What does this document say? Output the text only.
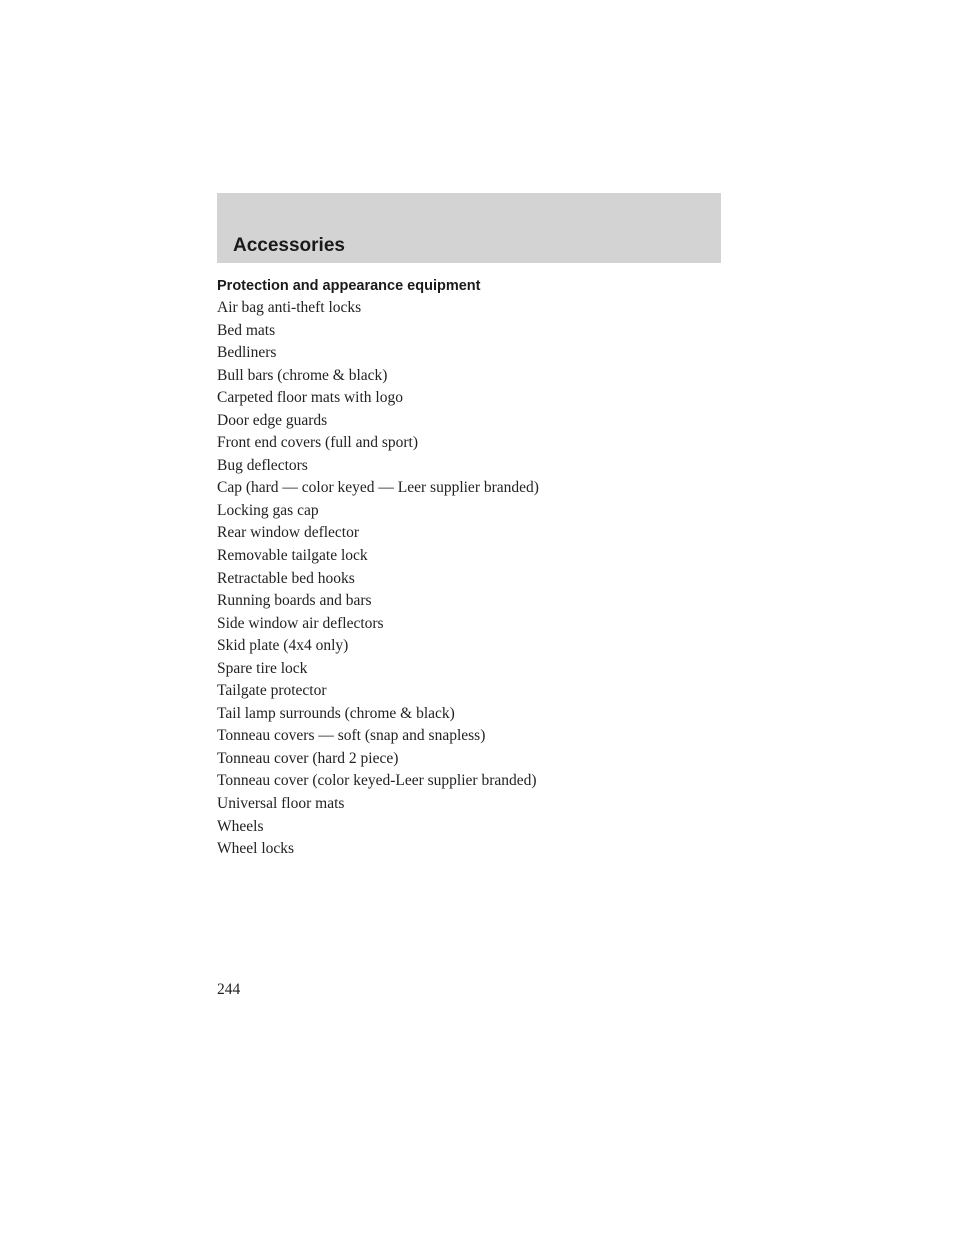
Accessories
Protection and appearance equipment
Air bag anti-theft locks
Bed mats
Bedliners
Bull bars (chrome & black)
Carpeted floor mats with logo
Door edge guards
Front end covers (full and sport)
Bug deflectors
Cap (hard — color keyed — Leer supplier branded)
Locking gas cap
Rear window deflector
Removable tailgate lock
Retractable bed hooks
Running boards and bars
Side window air deflectors
Skid plate (4x4 only)
Spare tire lock
Tailgate protector
Tail lamp surrounds (chrome & black)
Tonneau covers — soft (snap and snapless)
Tonneau cover (hard 2 piece)
Tonneau cover (color keyed-Leer supplier branded)
Universal floor mats
Wheels
Wheel locks

244
